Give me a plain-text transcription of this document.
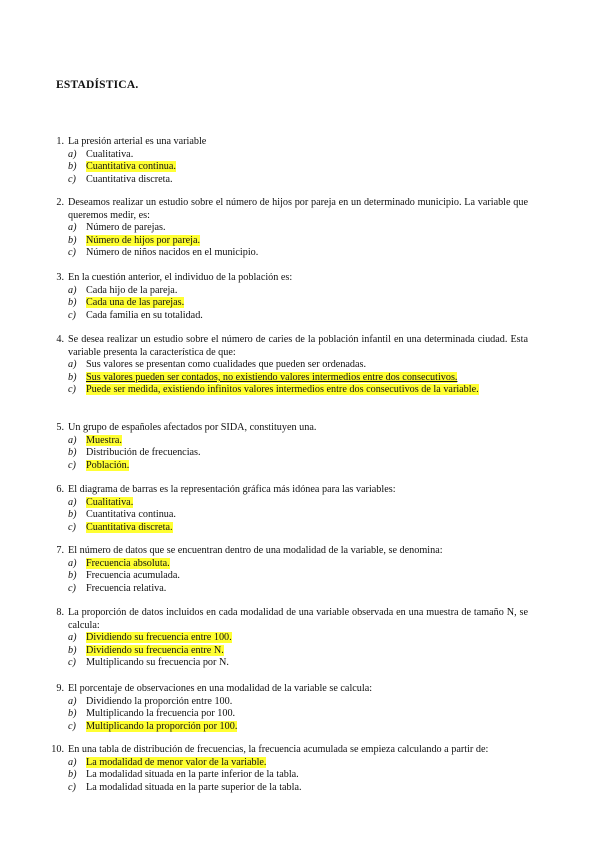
ESTADÍSTICA.
1. La presión arterial es una variable
a) Cualitativa.
b) Cuantitativa continua.
c) Cuantitativa discreta.
2. Deseamos realizar un estudio sobre el número de hijos por pareja en un determinado municipio. La variable que queremos medir, es:
a) Número de parejas.
b) Número de hijos por pareja.
c) Número de niños nacidos en el municipio.
3. En la cuestión anterior, el individuo de la población es:
a) Cada hijo de la pareja.
b) Cada una de las parejas.
c) Cada familia en su totalidad.
4. Se desea realizar un estudio sobre el número de caries de la población infantil en una determinada ciudad. Esta variable presenta la característica de que:
a) Sus valores se presentan como cualidades que pueden ser ordenadas.
b) Sus valores pueden ser contados, no existiendo valores intermedios entre dos consecutivos.
c) Puede ser medida, existiendo infinitos valores intermedios entre dos consecutivos de la variable.
5. Un grupo de españoles afectados por SIDA, constituyen una.
a) Muestra.
b) Distribución de frecuencias.
c) Población.
6. El diagrama de barras es la representación gráfica más idónea para las variables:
a) Cualitativa.
b) Cuantitativa continua.
c) Cuantitativa discreta.
7. El número de datos que se encuentran dentro de una modalidad de la variable, se denomina:
a) Frecuencia absoluta.
b) Frecuencia acumulada.
c) Frecuencia relativa.
8. La proporción de datos incluidos en cada modalidad de una variable observada en una muestra de tamaño N, se calcula:
a) Dividiendo su frecuencia entre 100.
b) Dividiendo su frecuencia entre N.
c) Multiplicando su frecuencia por N.
9. El porcentaje de observaciones en una modalidad de la variable se calcula:
a) Dividiendo la proporción entre 100.
b) Multiplicando la frecuencia por 100.
c) Multiplicando la proporción por 100.
10. En una tabla de distribución de frecuencias, la frecuencia acumulada se empieza calculando a partir de:
a) La modalidad de menor valor de la variable.
b) La modalidad situada en la parte inferior de la tabla.
c) La modalidad situada en la parte superior de la tabla.
